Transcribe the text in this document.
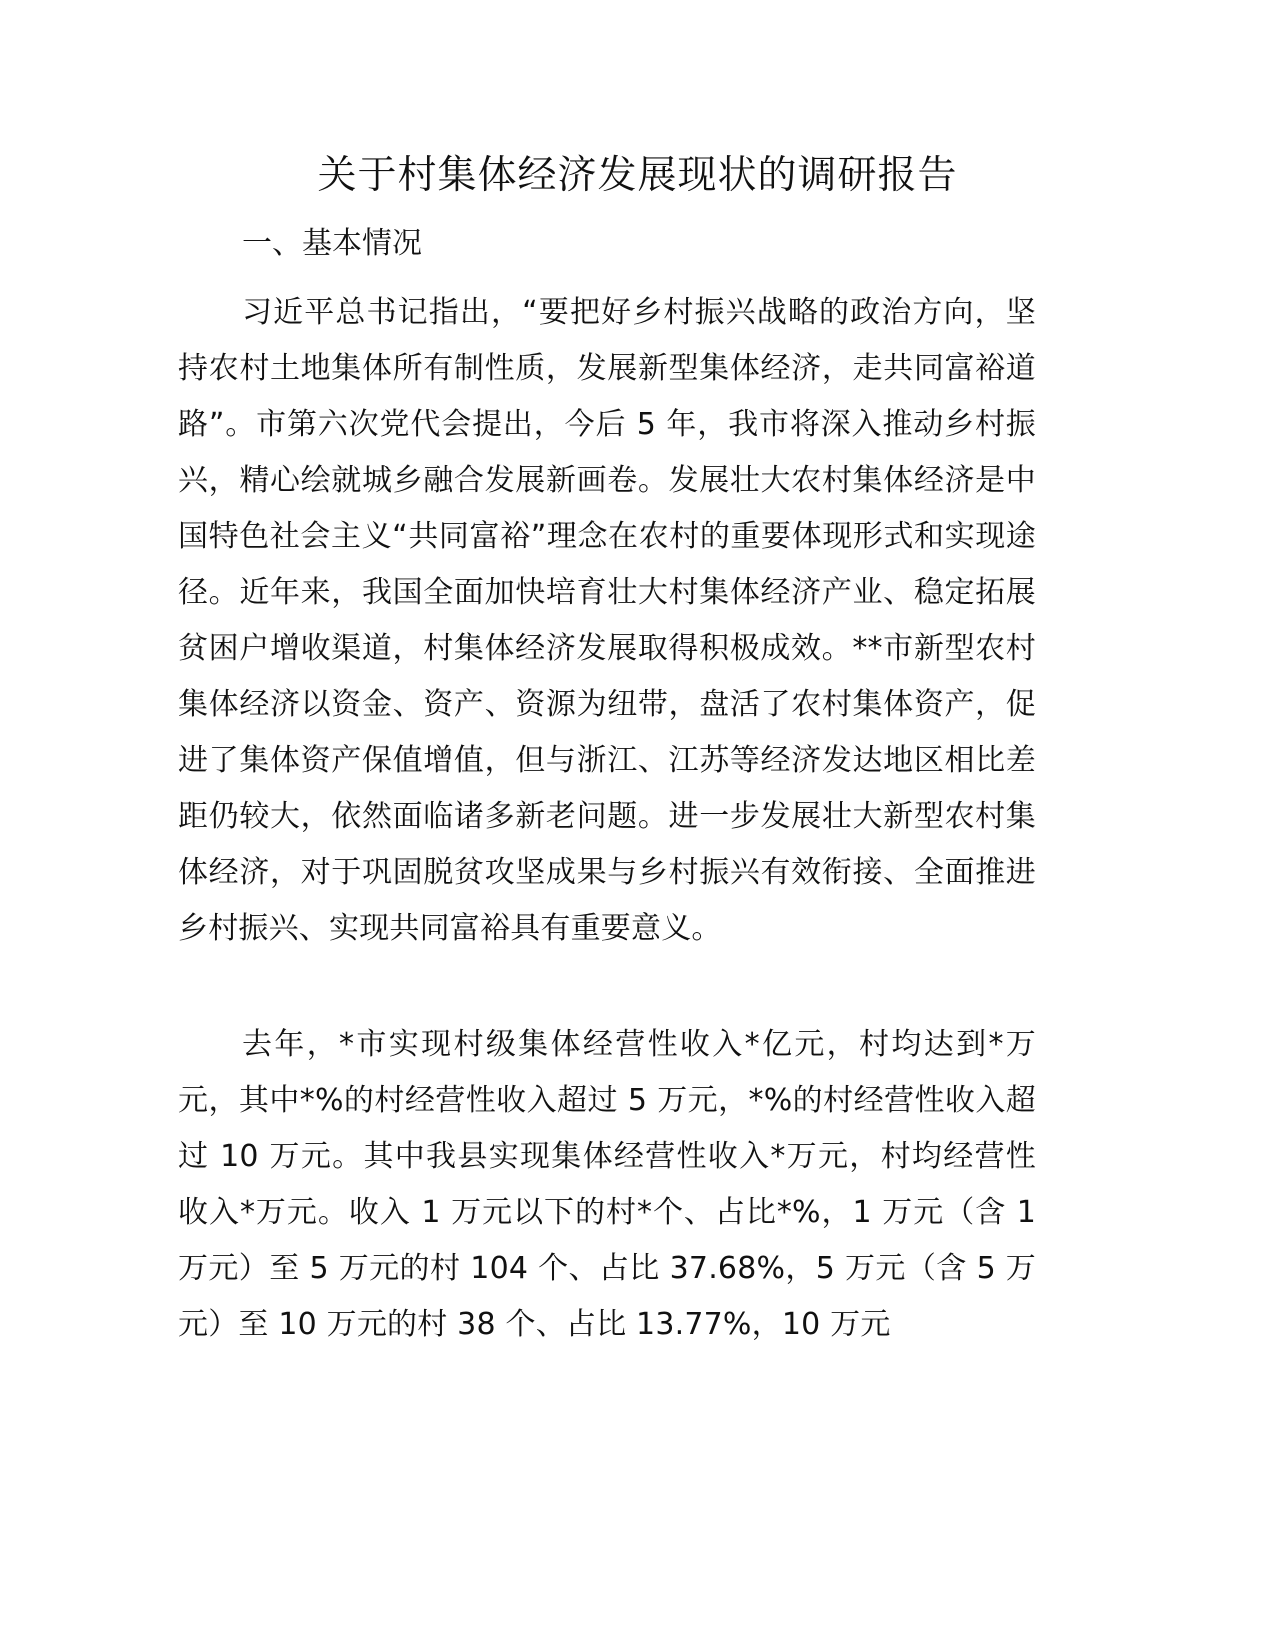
关于村集体经济发展现状的调研报告
一、基本情况

习近平总书记指出，“要把好乡村振兴战略的政治方向，坚持农村土地集体所有制性质，发展新型集体经济，走共同富裕道路”。市第六次党代会提出，今后 5 年，我市将深入推动乡村振兴，精心绘就城乡融合发展新画卷。发展壮大农村集体经济是中国特色社会主义“共同富裕”理念在农村的重要体现形式和实现途径。近年来，我国全面加快培育壮大村集体经济产业、稳定拓展贫困户增收渠道，村集体经济发展取得积极成效。**市新型农村集体经济以资金、资产、资源为纽带，盘活了农村集体资产，促进了集体资产保值增值，但与浙江、江苏等经济发达地区相比差距仍较大，依然面临诸多新老问题。进一步发展壮大新型农村集体经济，对于巩固脱贫攻坚成果与乡村振兴有效衔接、全面推进乡村振兴、实现共同富裕具有重要意义。

去年，*市实现村级集体经营性收入*亿元，村均达到*万元，其中*%的村经营性收入超过 5 万元，*%的村经营性收入超过 10 万元。其中我县实现集体经营性收入*万元，村均经营性收入*万元。收入 1 万元以下的村*个、占比*%，1 万元（含 1 万元）至 5 万元的村 104 个、占比 37.68%，5 万元（含 5 万元）至 10 万元的村 38 个、占比 13.77%，10 万元
